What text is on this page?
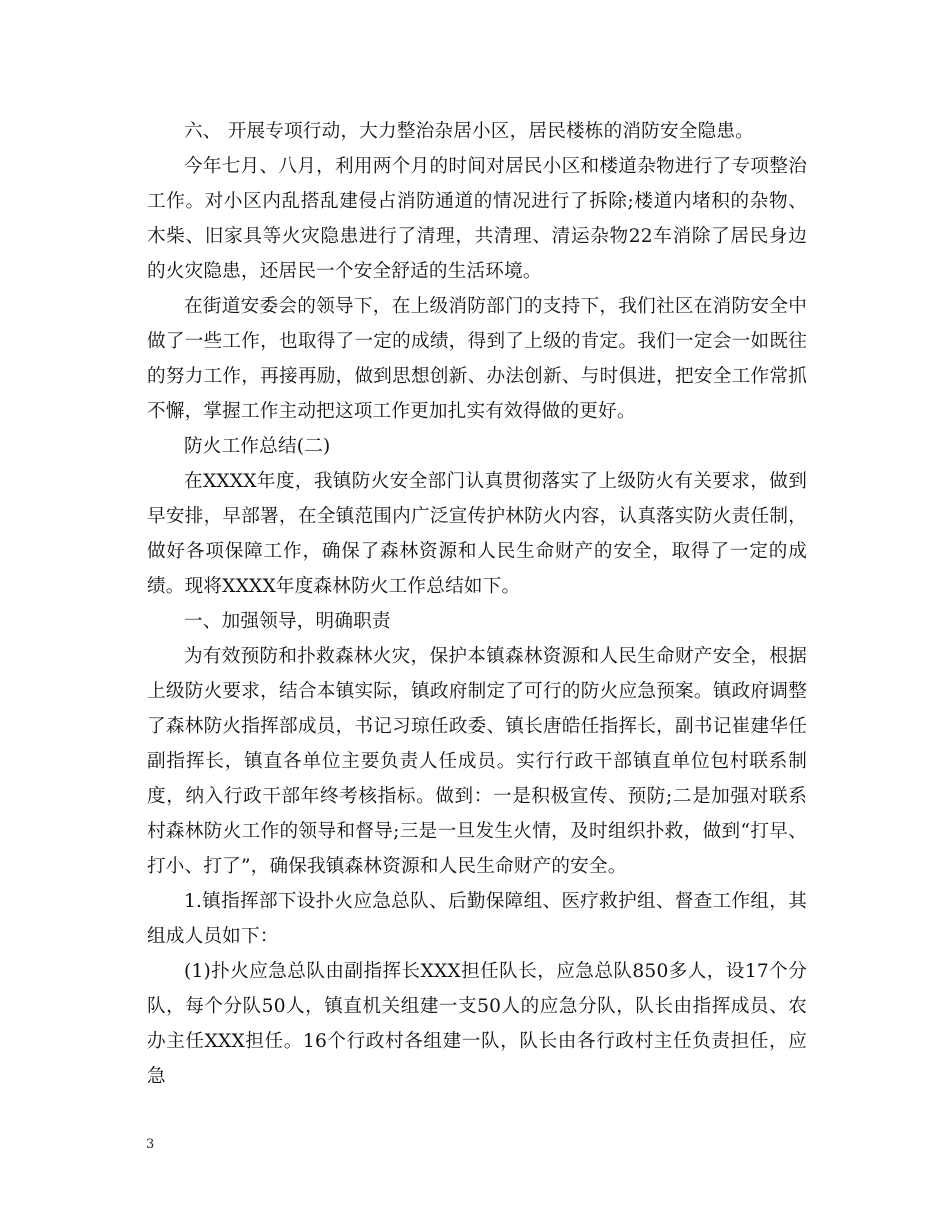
六、 开展专项行动，大力整治杂居小区，居民楼栋的消防安全隐患。

今年七月、八月，利用两个月的时间对居民小区和楼道杂物进行了专项整治工作。对小区内乱搭乱建侵占消防通道的情况进行了拆除;楼道内堵积的杂物、木柴、旧家具等火灾隐患进行了清理，共清理、清运杂物22车消除了居民身边的火灾隐患，还居民一个安全舒适的生活环境。

在街道安委会的领导下，在上级消防部门的支持下，我们社区在消防安全中做了一些工作，也取得了一定的成绩，得到了上级的肯定。我们一定会一如既往的努力工作，再接再励，做到思想创新、办法创新、与时俱进，把安全工作常抓不懈，掌握工作主动把这项工作更加扎实有效得做的更好。

防火工作总结(二)

在XXXX年度，我镇防火安全部门认真贯彻落实了上级防火有关要求，做到早安排，早部署，在全镇范围内广泛宣传护林防火内容，认真落实防火责任制，做好各项保障工作，确保了森林资源和人民生命财产的安全，取得了一定的成绩。现将XXXX年度森林防火工作总结如下。

一、加强领导，明确职责

为有效预防和扑救森林火灾，保护本镇森林资源和人民生命财产安全，根据上级防火要求，结合本镇实际，镇政府制定了可行的防火应急预案。镇政府调整了森林防火指挥部成员，书记习琼任政委、镇长唐皓任指挥长，副书记崔建华任副指挥长，镇直各单位主要负责人任成员。实行行政干部镇直单位包村联系制度，纳入行政干部年终考核指标。做到：一是积极宣传、预防;二是加强对联系村森林防火工作的领导和督导;三是一旦发生火情，及时组织扑救，做到“打早、打小、打了”，确保我镇森林资源和人民生命财产的安全。

1.镇指挥部下设扑火应急总队、后勤保障组、医疗救护组、督查工作组，其组成人员如下：

(1)扑火应急总队由副指挥长XXX担任队长，应急总队850多人，设17个分队，每个分队50人，镇直机关组建一支50人的应急分队，队长由指挥成员、农办主任XXX担任。16个行政村各组建一队，队长由各行政村主任负责担任，应急

3
